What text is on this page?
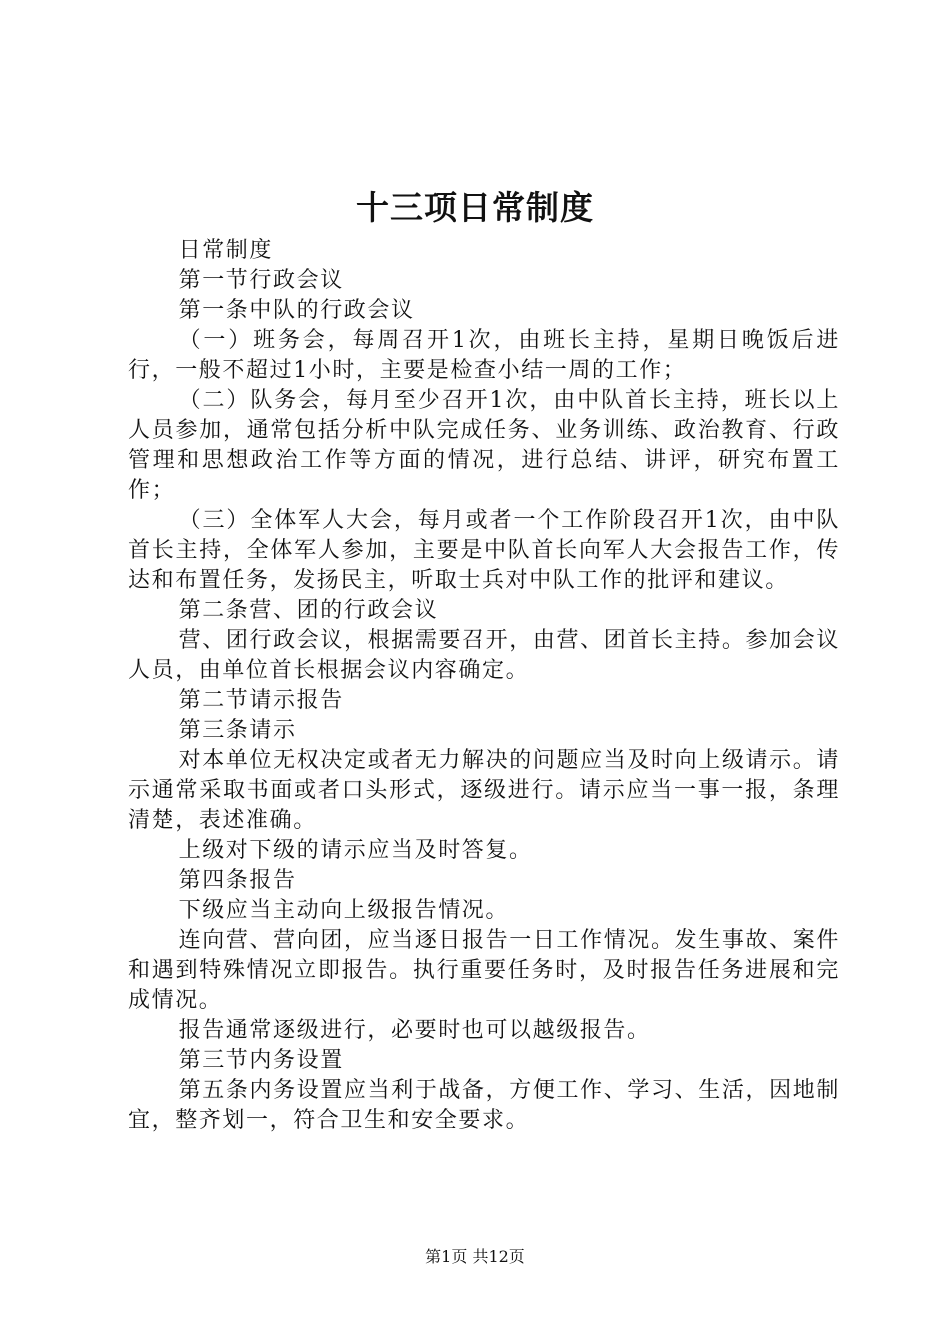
十三项日常制度

日常制度

第一节行政会议

第一条中队的行政会议

（一）班务会，每周召开1次，由班长主持，星期日晚饭后进行，一般不超过1小时，主要是检查小结一周的工作；

（二）队务会，每月至少召开1次，由中队首长主持，班长以上人员参加，通常包括分析中队完成任务、业务训练、政治教育、行政管理和思想政治工作等方面的情况，进行总结、讲评，研究布置工作；

（三）全体军人大会，每月或者一个工作阶段召开1次，由中队首长主持，全体军人参加，主要是中队首长向军人大会报告工作，传达和布置任务，发扬民主，听取士兵对中队工作的批评和建议。

第二条营、团的行政会议

营、团行政会议，根据需要召开，由营、团首长主持。参加会议人员，由单位首长根据会议内容确定。

第二节请示报告

第三条请示

对本单位无权决定或者无力解决的问题应当及时向上级请示。请示通常采取书面或者口头形式，逐级进行。请示应当一事一报，条理清楚，表述准确。

上级对下级的请示应当及时答复。

第四条报告

下级应当主动向上级报告情况。

连向营、营向团，应当逐日报告一日工作情况。发生事故、案件和遇到特殊情况立即报告。执行重要任务时，及时报告任务进展和完成情况。

报告通常逐级进行，必要时也可以越级报告。

第三节内务设置

第五条内务设置应当利于战备，方便工作、学习、生活，因地制宜，整齐划一，符合卫生和安全要求。

第1页 共12页
